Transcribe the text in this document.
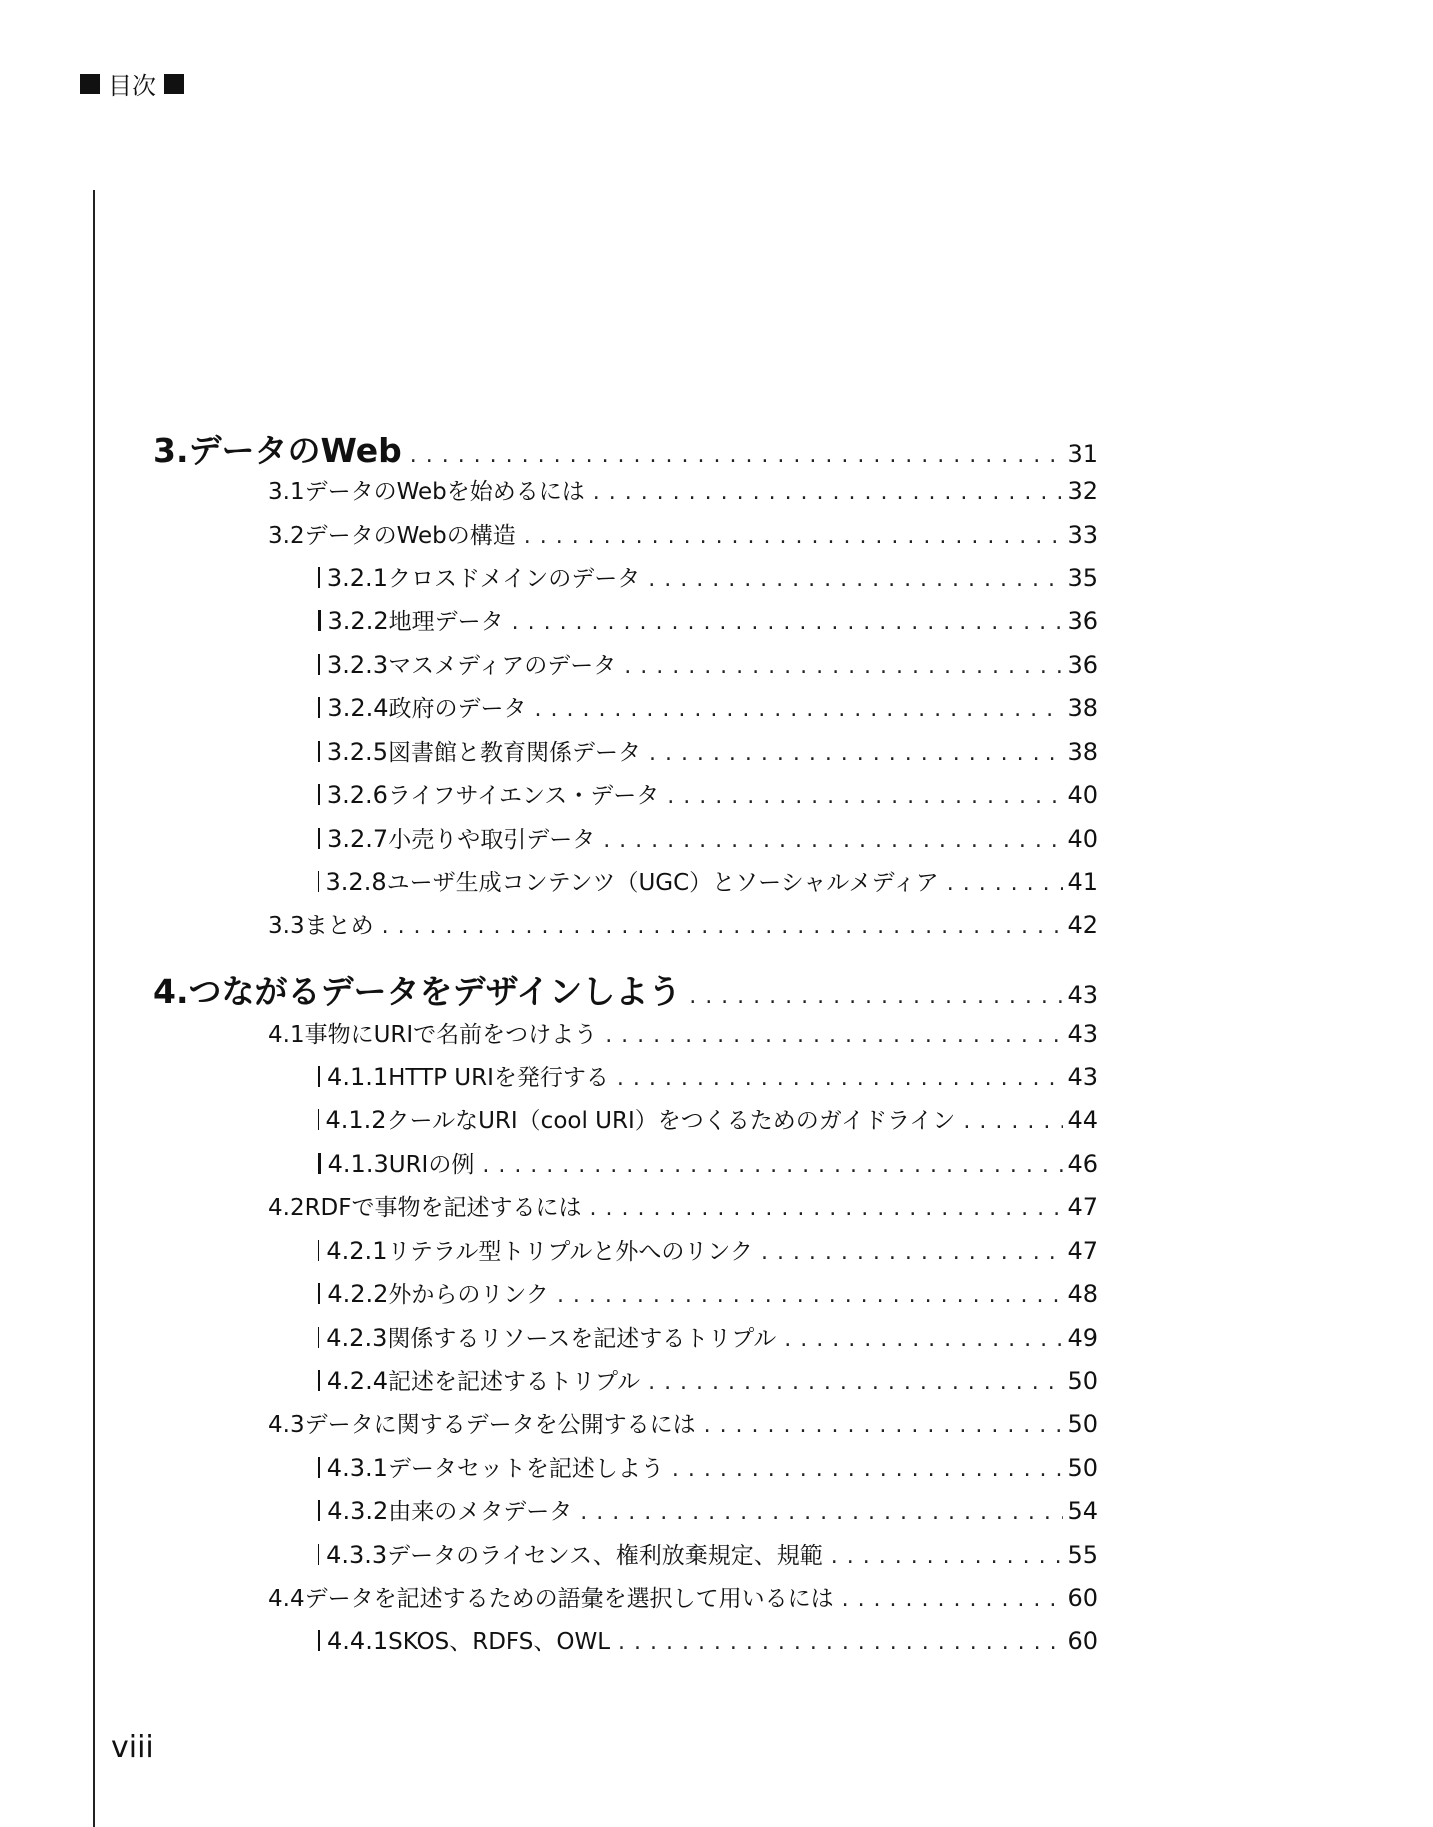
目次
3. データのWeb . . .	31
3.1 データのWebを始めるには . . .	32
3.2 データのWebの構造 . . .	33
3.2.1 クロスドメインのデータ . . .	35
3.2.2 地理データ . . .	36
3.2.3 マスメディアのデータ . . .	36
3.2.4 政府のデータ . . .	38
3.2.5 図書館と教育関係データ . . .	38
3.2.6 ライフサイエンス・データ . . .	40
3.2.7 小売りや取引データ . . .	40
3.2.8 ユーザ生成コンテンツ（UGC）とソーシャルメディア . . .	41
3.3 まとめ . . .	42
4. つながるデータをデザインしよう . . .	43
4.1 事物にURIで名前をつけよう . . .	43
4.1.1 HTTP URIを発行する . . .	43
4.1.2 クールなURI（cool URI）をつくるためのガイドライン . . .	44
4.1.3 URIの例 . . .	46
4.2 RDFで事物を記述するには . . .	47
4.2.1 リテラル型トリプルと外へのリンク . . .	47
4.2.2 外からのリンク . . .	48
4.2.3 関係するリソースを記述するトリプル . . .	49
4.2.4 記述を記述するトリプル . . .	50
4.3 データに関するデータを公開するには . . .	50
4.3.1 データセットを記述しよう . . .	50
4.3.2 由来のメタデータ . . .	54
4.3.3 データのライセンス、権利放棄規定、規範 . . .	55
4.4 データを記述するための語彙を選択して用いるには . . .	60
4.4.1 SKOS、RDFS、OWL . . .	60
viii
